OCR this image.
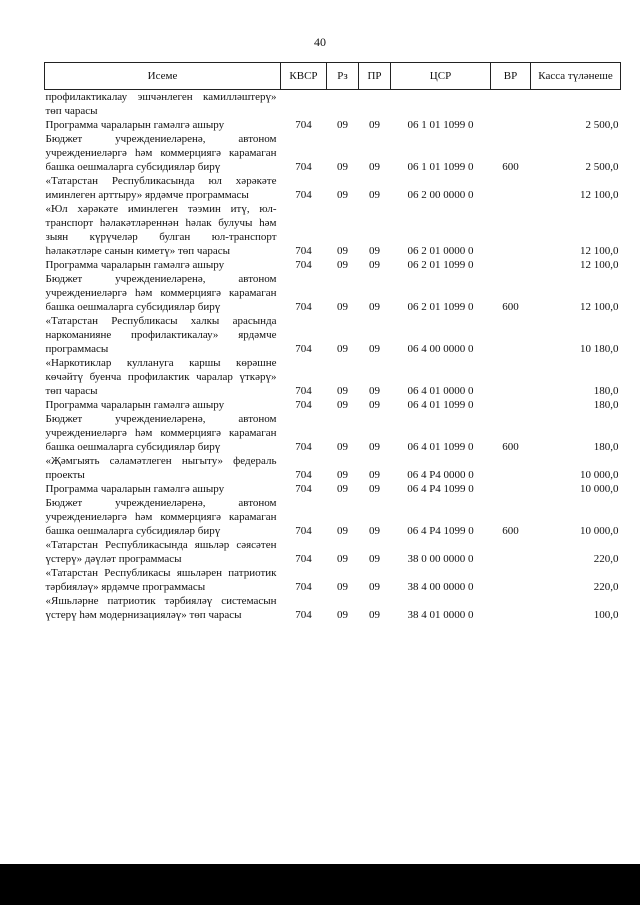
40
Исеме	КВСР	Рз	ПР	ЦСР	ВР	Касса түләнеше
профилактикалау эшчәнлеген камилләштерү» төп чарасы						
Программа чараларын гамәлгә ашыру	704	09	09	06 1 01 1099 0		2 500,0
Бюджет учреждениеләренә, автоном учреждениеләргә һәм коммерциягә карамаган башка оешмаларга субсидияләр бирү	704	09	09	06 1 01 1099 0	600	2 500,0
«Татарстан Республикасында юл хәрәкәте иминлеген арттыру» ярдәмче программасы	704	09	09	06 2 00 0000 0		12 100,0
«Юл хәрәкәте иминлеген тәэмин итү, юл-транспорт һәлакәтләреннән һәлак булучы һәм зыян күрүчеләр булган юл-транспорт һәлакәтләре санын киметү» төп чарасы	704	09	09	06 2 01 0000 0		12 100,0
Программа чараларын гамәлгә ашыру	704	09	09	06 2 01 1099 0		12 100,0
Бюджет учреждениеләренә, автоном учреждениеләргә һәм коммерциягә карамаган башка оешмаларга субсидияләр бирү	704	09	09	06 2 01 1099 0	600	12 100,0
«Татарстан Республикасы халкы арасында наркоманияне профилактикалау» ярдәмче программасы	704	09	09	06 4 00 0000 0		10 180,0
«Наркотиклар кулланугa каршы көрәшне көчәйтү буенча профилактик чаралар үткәрү» төп чарасы	704	09	09	06 4 01 0000 0		180,0
Программа чараларын гамәлгә ашыру	704	09	09	06 4 01 1099 0		180,0
Бюджет учреждениеләренә, автоном учреждениеләргә һәм коммерциягә карамаган башка оешмаларга субсидияләр бирү	704	09	09	06 4 01 1099 0	600	180,0
«Җәмгыять сәламәтлеген ныгыту» федераль проекты	704	09	09	06 4 P4 0000 0		10 000,0
Программа чараларын гамәлгә ашыру	704	09	09	06 4 P4 1099 0		10 000,0
Бюджет учреждениеләренә, автоном учреждениеләргә һәм коммерциягә карамаган башка оешмаларга субсидияләр бирү	704	09	09	06 4 P4 1099 0	600	10 000,0
«Татарстан Республикасында яшьләр сәясәтен үстерү» дәүләт программасы	704	09	09	38 0 00 0000 0		220,0
«Татарстан Республикасы яшьләрен патриотик тәрбияләү» ярдәмче программасы	704	09	09	38 4 00 0000 0		220,0
«Яшьләрне патриотик тәрбияләү системасын үстерү һәм модернизацияләү» төп чарасы	704	09	09	38 4 01 0000 0		100,0
